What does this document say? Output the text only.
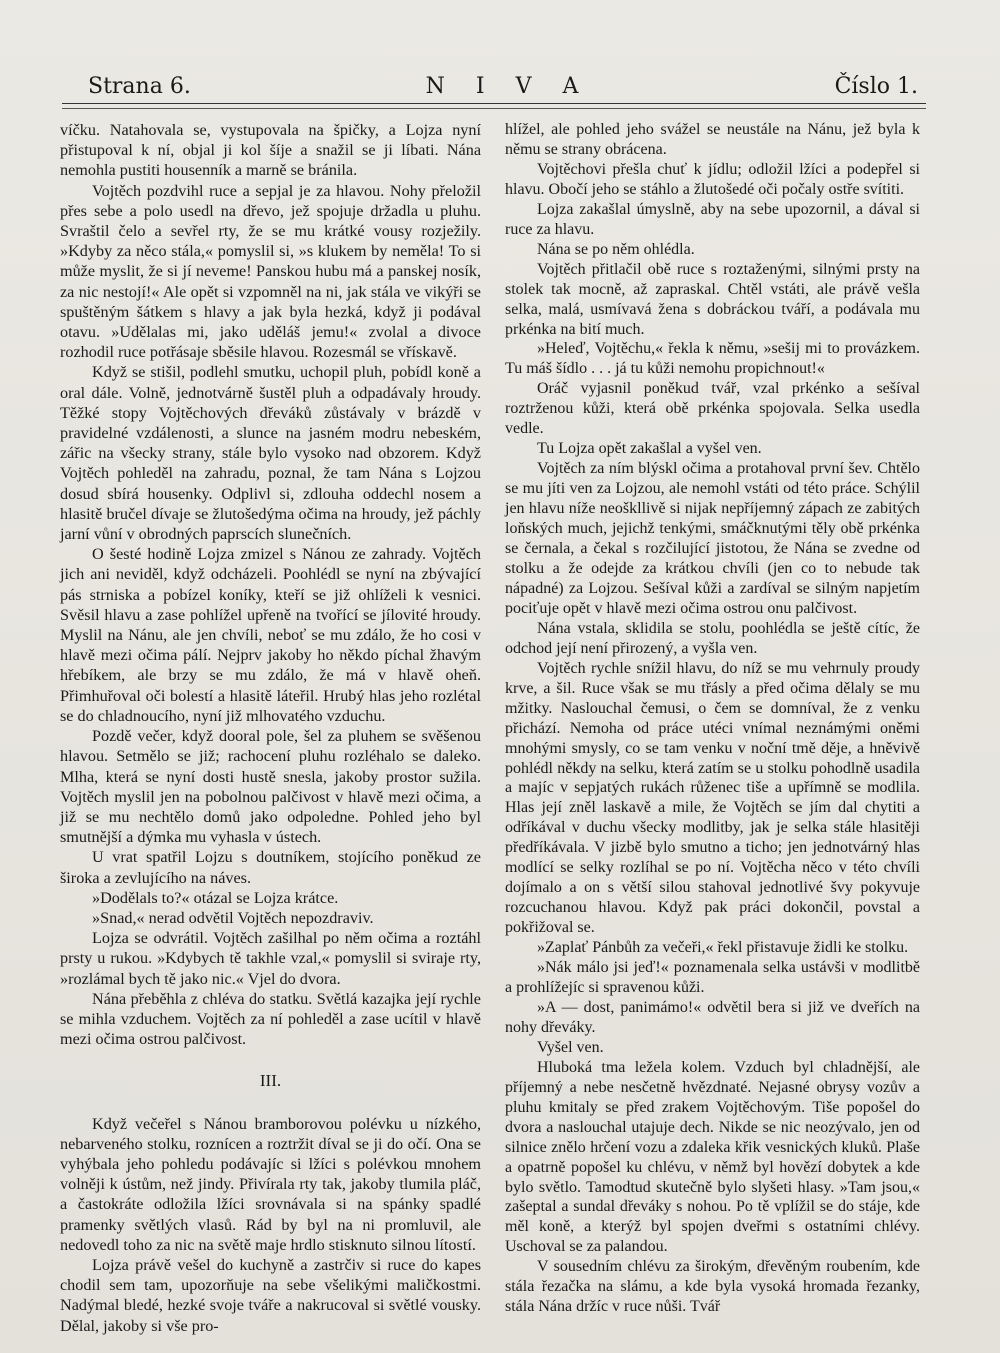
Strana 6.	N I V A	Číslo 1.

víčku. Natahovala se, vystupovala na špičky, a Lojza nyní přistupoval k ní, objal ji kol šíje a snažil se ji líbati. Nána nemohla pustiti housenník a marně se bránila.

Vojtěch pozdvihl ruce a sepjal je za hlavou. Nohy přeložil přes sebe a polo usedl na dřevo, jež spojuje držadla u pluhu. Svraštil čelo a sevřel rty, že se mu krátké vousy rozježily. »Kdyby za něco stála,« pomyslil si, »s klukem by neměla! To si může myslit, že si jí neveme! Panskou hubu má a panskej nosík, za nic nestojí!« Ale opět si vzpomněl na ni, jak stála ve vikýři se spuštěným šátkem s hlavy a jak byla hezká, když ji podával otavu. »Udělalas mi, jako uděláš jemu!« zvolal a divoce rozhodil ruce potřásaje sběsile hlavou. Rozesmál se vřískavě.

Když se stišil, podlehl smutku, uchopil pluh, pobídl koně a oral dále. Volně, jednotvárně šustěl pluh a odpadávaly hroudy. Těžké stopy Vojtěchových dřeváků zůstávaly v brázdě v pravidelné vzdálenosti, a slunce na jasném modru nebeském, zářic na všecky strany, stále bylo vysoko nad obzorem. Když Vojtěch pohleděl na zahradu, poznal, že tam Nána s Lojzou dosud sbírá housenky. Odplivl si, zdlouha oddechl nosem a hlasitě bručel dívaje se žlutošedýma očima na hroudy, jež páchly jarní vůní v obrodných paprscích slunečních.

O šesté hodině Lojza zmizel s Nánou ze zahrady. Vojtěch jich ani neviděl, když odcházeli. Poohlédl se nyní na zbývající pás strniska a pobízel koníky, kteří se již ohlíželi k vesnici. Svěsil hlavu a zase pohlížel upřeně na tvořící se jílovité hroudy. Myslil na Nánu, ale jen chvíli, neboť se mu zdálo, že ho cosi v hlavě mezi očima pálí. Nejprv jakoby ho někdo píchal žhavým hřebíkem, ale brzy se mu zdálo, že má v hlavě oheň. Přimhuřoval oči bolestí a hlasitě láteřil. Hrubý hlas jeho rozlétal se do chladnoucího, nyní již mlhovatého vzduchu.

Pozdě večer, když dooral pole, šel za pluhem se svěšenou hlavou. Setmělo se již; rachocení pluhu rozléhalo se daleko. Mlha, která se nyní dosti hustě snesla, jakoby prostor sužila. Vojtěch myslil jen na pobolnou palčivost v hlavě mezi očima, a již se mu nechtělo domů jako odpoledne. Pohled jeho byl smutnější a dýmka mu vyhasla v ústech.

U vrat spatřil Lojzu s doutníkem, stojícího poněkud ze široka a zevlujícího na náves.

»Dodělals to?« otázal se Lojza krátce.

»Snad,« nerad odvětil Vojtěch nepozdraviv.

Lojza se odvrátil. Vojtěch zašilhal po něm očima a roztáhl prsty u rukou. »Kdybych tě takhle vzal,« pomyslil si sviraje rty, »rozlámal bych tě jako nic.« Vjel do dvora.

Nána přeběhla z chléva do statku. Světlá kazajka její rychle se mihla vzduchem. Vojtěch za ní pohleděl a zase ucítil v hlavě mezi očima ostrou palčivost.

III.

Když večeřel s Nánou bramborovou polévku u nízkého, nebarveného stolku, roznícen a roztržit díval se ji do očí. Ona se vyhýbala jeho pohledu podávajíc si lžíci s polévkou mnohem volněji k ústům, než jindy. Přivírala rty tak, jakoby tlumila pláč, a častokráte odložila lžíci srovnávala si na spánky spadlé pramenky světlých vlasů. Rád by byl na ni promluvil, ale nedovedl toho za nic na světě maje hrdlo stisknuto silnou lítostí.

Lojza právě vešel do kuchyně a zastrčiv si ruce do kapes chodil sem tam, upozorňuje na sebe všelikými maličkostmi. Nadýmal bledé, hezké svoje tváře a nakrucoval si světlé vousky. Dělal, jakoby si vše pro-

hlížel, ale pohled jeho svážel se neustále na Nánu, jež byla k němu se strany obrácena.

Vojtěchovi přešla chuť k jídlu; odložil lžíci a podepřel si hlavu. Obočí jeho se stáhlo a žlutošedé oči počaly ostře svítiti.

Lojza zakašlal úmyslně, aby na sebe upozornil, a dával si ruce za hlavu.

Nána se po něm ohlédla.

Vojtěch přitlačil obě ruce s roztaženými, silnými prsty na stolek tak mocně, až zapraskal. Chtěl vstáti, ale právě vešla selka, malá, usmívavá žena s dobráckou tváří, a podávala mu prkénka na bití much.

»Heleď, Vojtěchu,« řekla k němu, »sešij mi to provázkem. Tu máš šídlo . . . já tu kůži nemohu propichnout!«

Oráč vyjasnil poněkud tvář, vzal prkénko a sešíval roztrženou kůži, která obě prkénka spojovala. Selka usedla vedle.

Tu Lojza opět zakašlal a vyšel ven.

Vojtěch za ním blýskl očima a protahoval první šev. Chtělo se mu jíti ven za Lojzou, ale nemohl vstáti od této práce. Schýlil jen hlavu níže neoškllivě si nijak nepříjemný zápach ze zabitých loňských much, jejichž tenkými, smáčknutými těly obě prkénka se černala, a čekal s rozčilující jistotou, že Nána se zvedne od stolku a že odejde za krátkou chvíli (jen co to nebude tak nápadné) za Lojzou. Sešíval kůži a zardíval se silným napjetím pociťuje opět v hlavě mezi očima ostrou onu palčivost.

Nána vstala, sklidila se stolu, poohlédla se ještě cítíc, že odchod její není přirozený, a vyšla ven.

Vojtěch rychle snížil hlavu, do níž se mu vehrnuly proudy krve, a šil. Ruce však se mu třásly a před očima dělaly se mu mžitky. Naslouchal čemusi, o čem se domníval, že z venku přichází. Nemoha od práce utéci vnímal neznámými oněmi mnohými smysly, co se tam venku v noční tmě děje, a hněvivě pohlédl někdy na selku, která zatím se u stolku pohodlně usadila a majíc v sepjatých rukách růženec tiše a upřímně se modlila. Hlas její zněl laskavě a mile, že Vojtěch se jím dal chytiti a odříkával v duchu všecky modlitby, jak je selka stále hlasitěji předříkávala. V jizbě bylo smutno a ticho; jen jednotvárný hlas modlící se selky rozlíhal se po ní. Vojtěcha něco v této chvíli dojímalo a on s větší silou stahoval jednotlivé švy pokyvuje rozcuchanou hlavou. Když pak práci dokončil, povstal a pokřižoval se.

»Zaplať Pánbůh za večeři,« řekl přistavuje židli ke stolku.

»Nák málo jsi jeď!« poznamenala selka ustávši v modlitbě a prohlížejíc si spravenou kůži.

»A — dost, panimámo!« odvětil bera si již ve dveřích na nohy dřeváky.

Vyšel ven.

Hluboká tma ležela kolem. Vzduch byl chladnější, ale příjemný a nebe nesčetně hvězdnaté. Nejasné obrysy vozův a pluhu kmitaly se před zrakem Vojtěchovým. Tiše popošel do dvora a naslouchal utajuje dech. Nikde se nic neozývalo, jen od silnice znělo hrčení vozu a zdaleka křik vesnických kluků. Plaše a opatrně popošel ku chlévu, v němž byl hovězí dobytek a kde bylo světlo. Tamodtud skutečně bylo slyšeti hlasy. »Tam jsou,« zašeptal a sundal dřeváky s nohou. Po tě vplížil se do stáje, kde měl koně, a kterýž byl spojen dveřmi s ostatními chlévy. Uschoval se za palandou.

V sousedním chlévu za širokým, dřevěným roubením, kde stála řezačka na slámu, a kde byla vysoká hromada řezanky, stála Nána držíc v ruce nůši. Tvář
